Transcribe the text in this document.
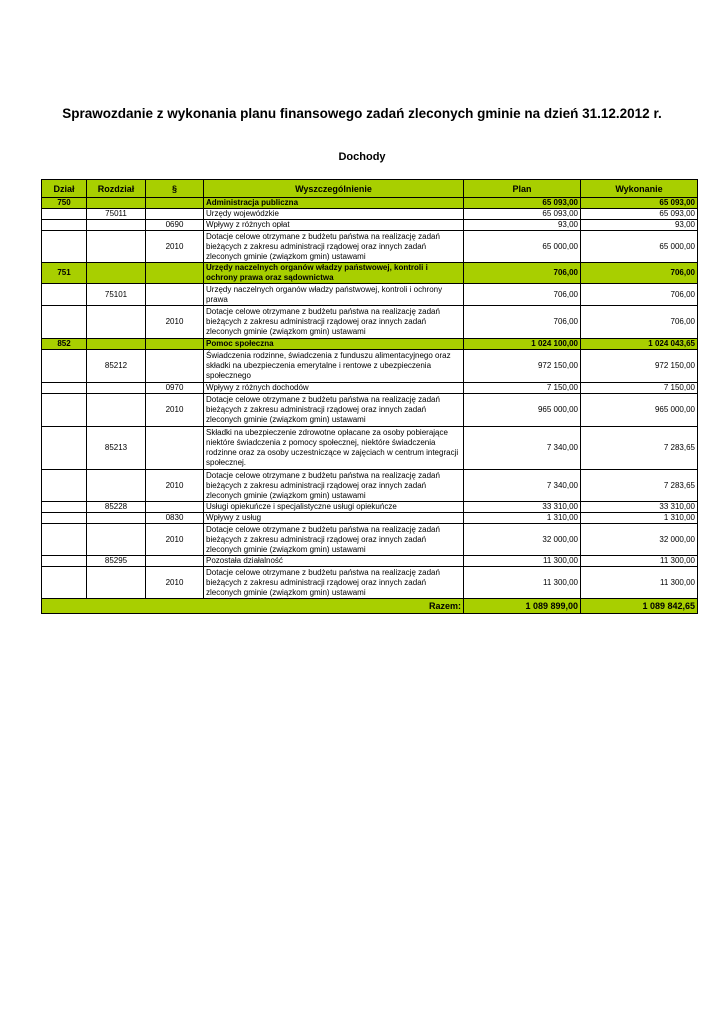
Sprawozdanie z wykonania planu finansowego zadań zleconych gminie na dzień 31.12.2012 r.
Dochody
Dział	Rozdział	§	Wyszczególnienie	Plan	Wykonanie
750			Administracja publiczna	65 093,00	65 093,00
	75011		Urzędy wojewódzkie	65 093,00	65 093,00
		0690	Wpływy z różnych opłat	93,00	93,00
		2010	Dotacje celowe otrzymane z budżetu państwa na realizację zadań bieżących z zakresu administracji rządowej oraz innych zadań zleconych gminie (związkom gmin) ustawami	65 000,00	65 000,00
751			Urzędy naczelnych organów władzy państwowej, kontroli i ochrony prawa oraz sądownictwa	706,00	706,00
	75101		Urzędy naczelnych organów władzy państwowej, kontroli i ochrony prawa	706,00	706,00
		2010	Dotacje celowe otrzymane z budżetu państwa na realizację zadań bieżących z zakresu administracji rządowej oraz innych zadań zleconych gminie (związkom gmin) ustawami	706,00	706,00
852			Pomoc społeczna	1 024 100,00	1 024 043,65
	85212		Świadczenia rodzinne, świadczenia z funduszu alimentacyjnego oraz składki na ubezpieczenia emerytalne i rentowe z ubezpieczenia społecznego	972 150,00	972 150,00
		0970	Wpływy z różnych dochodów	7 150,00	7 150,00
		2010	Dotacje celowe otrzymane z budżetu państwa na realizację zadań bieżących z zakresu administracji rządowej oraz innych zadań zleconych gminie (związkom gmin) ustawami	965 000,00	965 000,00
	85213		Składki na ubezpieczenie zdrowotne opłacane za osoby pobierające niektóre świadczenia z pomocy społecznej, niektóre świadczenia rodzinne oraz za osoby uczestniczące w zajęciach w centrum integracji społecznej.	7 340,00	7 283,65
		2010	Dotacje celowe otrzymane z budżetu państwa na realizację zadań bieżących z zakresu administracji rządowej oraz innych zadań zleconych gminie (związkom gmin) ustawami	7 340,00	7 283,65
	85228		Usługi opiekuńcze i specjalistyczne usługi opiekuńcze	33 310,00	33 310,00
		0830	Wpływy z usług	1 310,00	1 310,00
		2010	Dotacje celowe otrzymane z budżetu państwa na realizację zadań bieżących z zakresu administracji rządowej oraz innych zadań zleconych gminie (związkom gmin) ustawami	32 000,00	32 000,00
	85295		Pozostała działalność	11 300,00	11 300,00
		2010	Dotacje celowe otrzymane z budżetu państwa na realizację zadań bieżących z zakresu administracji rządowej oraz innych zadań zleconych gminie (związkom gmin) ustawami	11 300,00	11 300,00
Razem:				1 089 899,00	1 089 842,65
